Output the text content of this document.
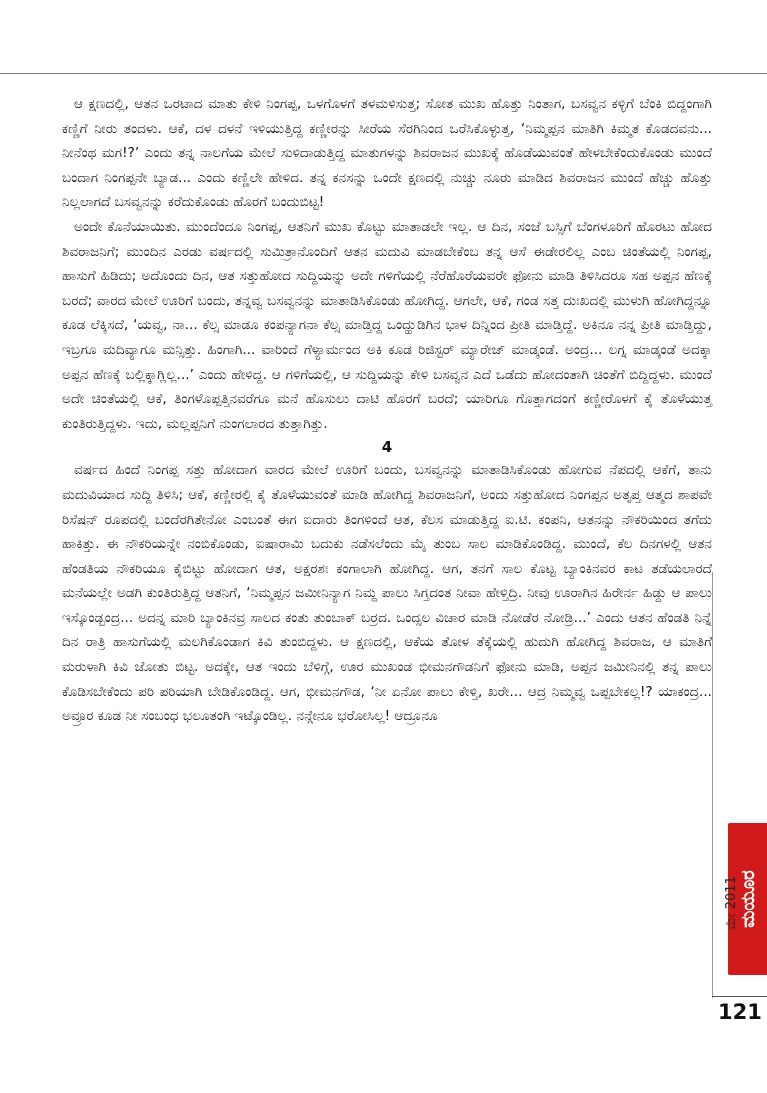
ಆ ಕ್ಷಣದಲ್ಲಿ, ಆತನ ಒರಟಾದ ಮಾತು ಕೇಳಿ ನಿಂಗಪ್ಪ, ಒಳಗೊಳಗೆ ತಳಮಳಿಸುತ್ತ; ಸೋತ ಮುಖ ಹೊತ್ತು ನಿಂತಾಗ, ಬಸವ್ವನ ಕಳ್ಳಿಗೆ ಬೆಂಕಿ ಬಿದ್ದಂಗಾಗಿ ಕಣ್ಣಿಗೆ ನೀರು ತಂದಳು. ಆಕೆ, ದಳ ದಳನೆ ಇಳಿಯುತ್ತಿದ್ದ ಕಣ್ಣೀರನ್ನು ಸೀರೆಯ ಸೆರಗಿನಿಂದ ಒರೆಸಿಕೊಳ್ಳುತ್ತ, ‘ನಿಮ್ಮಪ್ಪನ ಮಾತಿಗಿ ಕಿಮ್ಮತ ಕೊಡದವನು... ನೀನೆಂಥ ಮಗ!?’ ಎಂದು ತನ್ನ ನಾಲಗೆಯ ಮೇಲೆ ಸುಳಿದಾಡುತ್ತಿದ್ದ ಮಾತುಗಳನ್ನು ಶಿವರಾಜನ ಮುಖಕ್ಕೆ ಹೊಡೆಯುವಂತೆ ಹೇಳಬೇಕೆಂದುಕೊಂಡು ಮುಂದೆ ಬಂದಾಗ ನಿಂಗಪ್ಪನೇ ಬ್ಯಾಡ... ಎಂದು ಕಣ್ಣಿಲೇ ಹೇಳಿದ. ತನ್ನ ಕನಸನ್ನು ಒಂದೇ ಕ್ಷಣದಲ್ಲಿ ನುಚ್ಚು ನೂರು ಮಾಡಿದ ಶಿವರಾಜನ ಮುಂದೆ ಹೆಚ್ಚು ಹೊತ್ತು ನಿಲ್ಲಲಾಗದೆ ಬಸವ್ವನನ್ನು ಕರೆದುಕೊಂಡು ಹೊರಗೆ ಬಂದುಬಿಟ್ಟ!

ಅಂದೇ ಕೊನೆಯಾಯಿತು. ಮುಂದೆಂದೂ ನಿಂಗಪ್ಪ, ಆತನಿಗೆ ಮುಖ ಕೊಟ್ಟು ಮಾತಾಡಲೇ ಇಲ್ಲ. ಆ ದಿನ, ಸಂಜೆ ಬಸ್ಸಿಗೆ ಬೆಂಗಳೂರಿಗೆ ಹೊರಟು ಹೋದ ಶಿವರಾಜನಿಗೆ; ಮುಂದಿನ ಎರಡು ವರ್ಷದಲ್ಲಿ ಸುಮಿತ್ರಾನೊಂದಿಗೆ ಆತನ ಮದುವಿ ಮಾಡಬೇಕೆಂಬ ತನ್ನ ಆಸೆ ಈಡೇರಲಿಲ್ಲ ಎಂಬ ಚಿಂತೆಯಲ್ಲಿ ನಿಂಗಪ್ಪ, ಹಾಸುಗೆ ಹಿಡಿದು; ಅದೊಂದು ದಿನ, ಆತ ಸತ್ತುಹೋದ ಸುದ್ದಿಯನ್ನು ಅದೇ ಗಳಿಗೆಯಲ್ಲಿ ನೆರೆಹೊರೆಯವರೇ ಫೋನು ಮಾಡಿ ತಿಳಿಸಿದರೂ ಸಹ ಅಪ್ಪನ ಹೆಣಕ್ಕೆ ಬರದೆ; ವಾರದ ಮೇಲೆ ಊರಿಗೆ ಬಂದು, ತನ್ನವ್ವ ಬಸವ್ವನನ್ನು ಮಾತಾಡಿಸಿಕೊಂಡು ಹೋಗಿದ್ದ. ಆಗಲೇ, ಆಕೆ, ಗಂಡ ಸತ್ತ ದುಃಖದಲ್ಲಿ ಮುಳುಗಿ ಹೋಗಿದ್ದನ್ನೂ ಕೂಡ ಲೆಕ್ಕಿಸದೆ, ‘ಯವ್ವ, ನಾ... ಕೆಲ್ಸ ಮಾಡೂ ಕಂಪನ್ಯಾಗನಾ ಕೆಲ್ಸ ಮಾಡ್ತಿದ್ದ ಒಂದ್ಹುಡಿಗಿನ ಭಾಳ ದಿನ್ನಿಂದ ಪ್ರೀತಿ ಮಾಡ್ತಿದ್ದೆ. ಅಕಿನೂ ನನ್ನ ಪ್ರೀತಿ ಮಾಡ್ತಿದ್ದು, ಇಬ್ರಗೂ ಮದಿವ್ಯಾಗೂ ಮನ್ಸಿತ್ತು. ಹಿಂಗಾಗಿ... ವಾರಿಂದೆ ಗೆಳ್ಯಾರ್ಮಂದ ಅಕಿ ಕೂಡ ರಿಜಿಸ್ಟರ್ ಮ್ಯಾರೇಜ್ ಮಾಡ್ಕಂಡೆ. ಅಂದ್ರ... ಲಗ್ನ ಮಾಡ್ಕಂಡೆ ಅದಕ್ಕಾ ಅಪ್ಪನ ಹೆಣಕ್ಕೆ ಬಲ್ಲಿಕ್ಕಾಗ್ಲಿಲ್ಲ...’ ಎಂದು ಹೇಳಿದ್ದ. ಆ ಗಳಿಗೆಯಲ್ಲಿ, ಆ ಸುದ್ದಿಯನ್ನು ಕೇಳಿ ಬಸವ್ವನ ಎದೆ ಒಡೆದು ಹೋದಂತಾಗಿ ಚಿಂತೆಗೆ ಬಿದ್ದಿದ್ದಳು. ಮುಂದೆ ಅದೇ ಚಿಂತೆಯಲ್ಲಿ ಆಕೆ, ತಿಂಗಳೊಪ್ಪತ್ತಿನವರೆಗೂ ಮನೆ ಹೊಸುಲು ದಾಟಿ ಹೊರಗೆ ಬರದೆ; ಯಾರಿಗೂ ಗೊತ್ತಾಗದಂಗೆ ಕಣ್ಣೀರೊಳಗೆ ಕೈ ತೊಳೆಯುತ್ತ ಕುಂತಿರುತ್ತಿದ್ದಳು. ಇದು, ಮಲ್ಲಪ್ಪನಿಗೆ ನುಂಗಲಾರದ ತುತ್ತಾಗಿತ್ತು.

4

ವರ್ಷದ ಹಿಂದೆ ನಿಂಗಪ್ಪ ಸತ್ತು ಹೋದಾಗ ವಾರದ ಮೇಲೆ ಊರಿಗೆ ಬಂದು, ಬಸವ್ವನನ್ನು ಮಾತಾಡಿಸಿಕೊಂಡು ಹೋಗುವ ನೆಪದಲ್ಲಿ ಆಕೆಗೆ, ತಾನು ಮದುವಿಯಾದ ಸುದ್ದಿ ತಿಳಿಸಿ; ಆಕೆ, ಕಣ್ಣೀರಲ್ಲಿ ಕೈ ತೊಳೆಯುವಂತೆ ಮಾಡಿ ಹೋಗಿದ್ದ ಶಿವರಾಜನಿಗೆ, ಅಂದು ಸತ್ತುಹೋದ ನಿಂಗಪ್ಪನ ಅತೃಪ್ತ ಆತ್ಮದ ಶಾಪವೇ ರಿಸೆಷನ್ ರೂಪದಲ್ಲಿ ಬಂದೆರಗಿತೇನೋ ಎಂಬಂತೆ ಈಗ ಐದಾರು ತಿಂಗಳಿಂದೆ ಆತ, ಕೆಲಸ ಮಾಡುತ್ತಿದ್ದ ಐ.ಟಿ. ಕಂಪನಿ, ಆತನನ್ನು ನೌಕರಿಯಿಂದ ತಗೆದು ಹಾಕಿತ್ತು. ಈ ನೌಕರಿಯನ್ನೇ ನಂಬಿಕೊಂಡು, ಐಷಾರಾಮಿ ಬದುಕು ನಡೆಸಲೆಂದು ಮೈ ತುಂಬ ಸಾಲ ಮಾಡಿಕೊಂಡಿದ್ದ. ಮುಂದೆ, ಕೆಲ ದಿನಗಳಲ್ಲಿ ಆತನ ಹೆಂಡತಿಯ ನೌಕರಿಯೂ ಕೈಬಿಟ್ಟು ಹೋದಾಗ ಆತ, ಅಕ್ಷರಶಃ ಕಂಗಾಲಾಗಿ ಹೋಗಿದ್ದ. ಆಗ, ತನಗೆ ಸಾಲ ಕೊಟ್ಟ ಬ್ಯಾಂಕಿನವರ ಕಾಟ ತಡೆಯಲಾರದೆ ಮನೆಯಲ್ಲೇ ಅಡಗಿ ಕುಂತಿರುತ್ತಿದ್ದ ಆತನಿಗೆ, ‘ನಿಮ್ಮಪ್ಪನ ಜಮೀನಿನ್ಯಾಗ ನಿಮ್ದ ಪಾಲು ಸಿಗ್ತದಂತ ನೀವಾ ಹೇಳ್ತಿದ್ರಿ. ನೀವು ಊರಾಗಿನ ಹಿರೇರ್ನ ಹಿಡ್ದು ಆ ಪಾಲು ಇಸ್ಕೊಂಡ್ಬಂದ್ರ... ಅದನ್ನ ಮಾರಿ ಬ್ಯಾಂಕಿನವ್ರ ಸಾಲದ ಕಂತು ತುಂಬಾಕ್ ಬರ್ರದ. ಒಂದ್ಸಲ ವಿಚಾರ ಮಾಡಿ ನೋಡೆರ ನೋಡ್ರಿ...’ ಎಂದು ಆತನ ಹೆಂಡತಿ ನಿನ್ನೆ ದಿನ ರಾತ್ರಿ ಹಾಸುಗೆಯಲ್ಲಿ ಮಲಗಿಕೊಂಡಾಗ ಕಿವಿ ತುಂಬಿದ್ದಳು. ಆ ಕ್ಷಣದಲ್ಲಿ, ಆಕೆಯ ತೋಳ ತೆಕ್ಕೆಯಲ್ಲಿ ಹುದುಗಿ ಹೋಗಿದ್ದ ಶಿವರಾಜ, ಆ ಮಾತಿಗೆ ಮರುಳಾಗಿ ಕಿವಿ ಜೋತು ಬಿಟ್ಟ. ಅದಕ್ಕೇ, ಆತ ಇಂದು ಬೆಳಿಗ್ಗೆ, ಊರ ಮುಖಂಡ ಭೀಮನಗೌಡನಿಗೆ ಫೋನು ಮಾಡಿ, ಅಪ್ಪನ ಜಮೀನಿನಲ್ಲಿ ತನ್ನ ಪಾಲು ಕೊಡಿಸಬೇಕೆಂದು ಪರಿ ಪರಿಯಾಗಿ ಬೇಡಿಕೊಂಡಿದ್ದ. ಆಗ, ಭೀಮನಗೌಡ, ‘ನೀ ಏನೋ ಪಾಲು ಕೇಳ್ತಿ, ಖರೇ... ಆದ್ರ ನಿಮ್ಮವ್ವ ಒಪ್ಪಬೇಕಲ್ಲ!? ಯಾಕಂದ್ರ... ಅವ್ರೂರ ಕೂಡ ನೀ ಸಂಬಂಧ ಭಲೂತಂಗಿ ಇಟ್ಕೊಂಡಿಲ್ಲ. ನನ್ಗೇನೂ ಭರೋಸಿಲ್ಲ! ಆದ್ರೂನೂ

ಮಯೂರ
ಮೇ 2011
121
